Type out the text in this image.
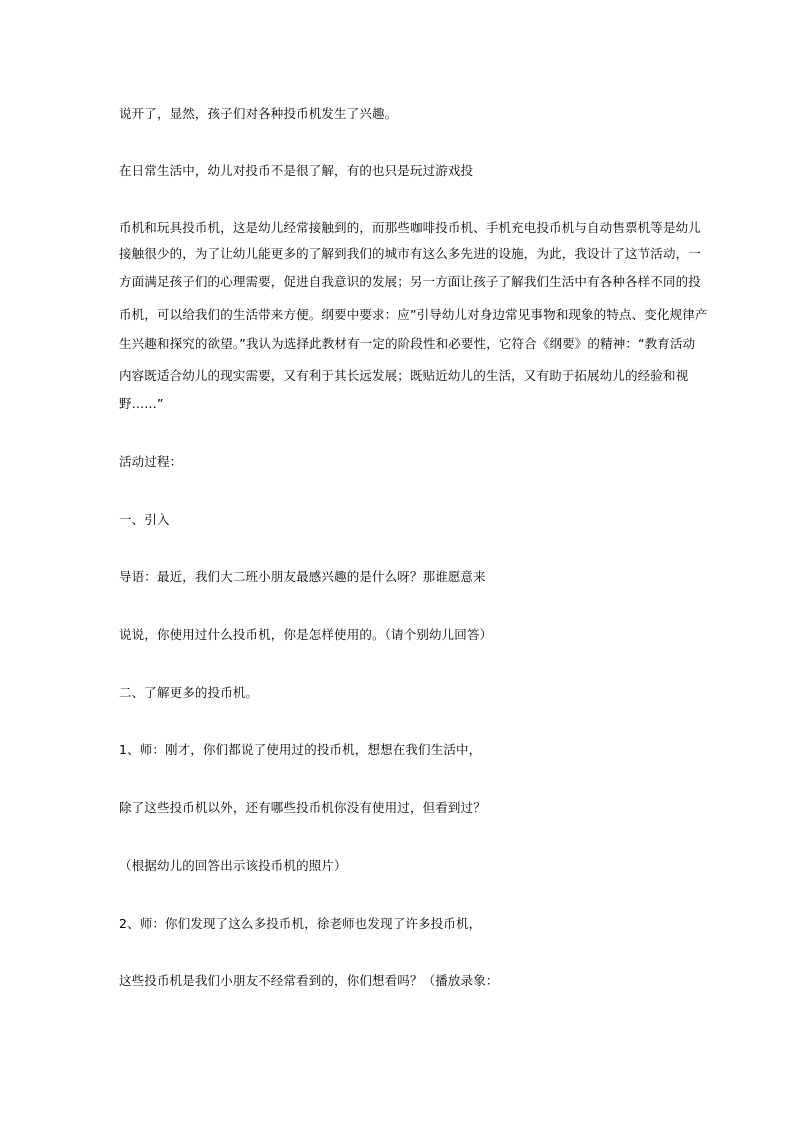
说开了，显然，孩子们对各种投币机发生了兴趣。
在日常生活中，幼儿对投币不是很了解，有的也只是玩过游戏投
币机和玩具投币机，这是幼儿经常接触到的，而那些咖啡投币机、手机充电投币机与自动售票机等是幼儿
接触很少的，为了让幼儿能更多的了解到我们的城市有这么多先进的设施，为此，我设计了这节活动，一
方面满足孩子们的心理需要，促进自我意识的发展；另一方面让孩子了解我们生活中有各种各样不同的投
币机，可以给我们的生活带来方便。纲要中要求：应”引导幼儿对身边常见事物和现象的特点、变化规律产
生兴趣和探究的欲望。”我认为选择此教材有一定的阶段性和必要性，它符合《纲要》的精神：“教育活动
内容既适合幼儿的现实需要，又有利于其长远发展；既贴近幼儿的生活，又有助于拓展幼儿的经验和视
野……”
活动过程：
一、引入
导语：最近，我们大二班小朋友最感兴趣的是什么呀？那谁愿意来
说说，你使用过什么投币机，你是怎样使用的。（请个别幼儿回答）
二、了解更多的投币机。
1、师：刚才，你们都说了使用过的投币机，想想在我们生活中，
除了这些投币机以外，还有哪些投币机你没有使用过，但看到过？
（根据幼儿的回答出示该投币机的照片）
2、师：你们发现了这么多投币机，徐老师也发现了许多投币机，
这些投币机是我们小朋友不经常看到的，你们想看吗？（播放录象：
